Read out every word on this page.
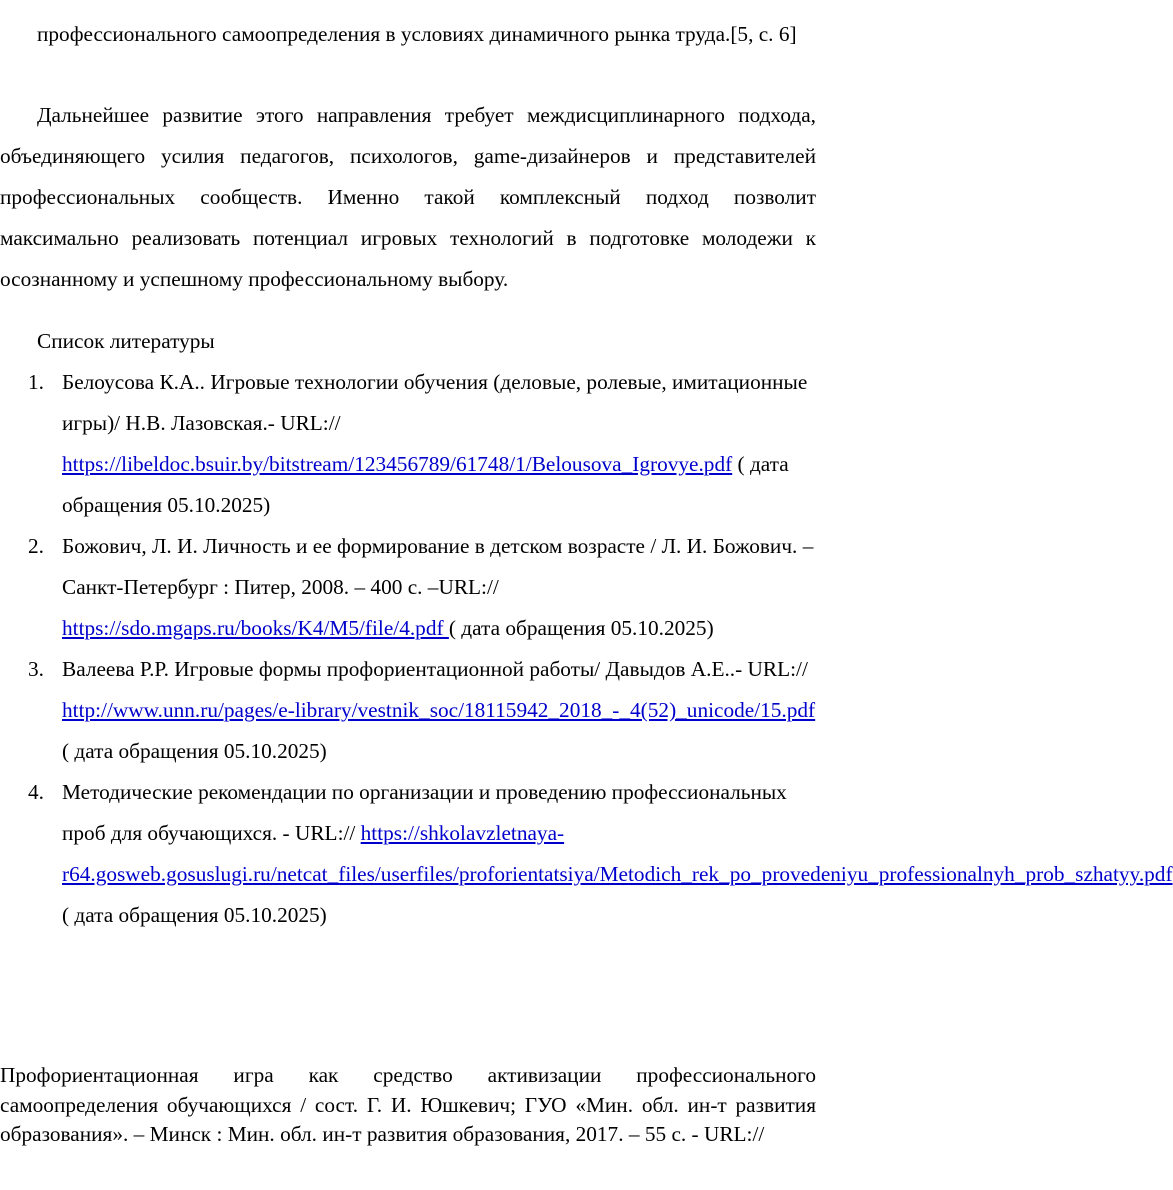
профессионального самоопределения в условиях динамичного рынка труда.[5, с. 6]

Дальнейшее развитие этого направления требует междисциплинарного подхода, объединяющего усилия педагогов, психологов, game-дизайнеров и представителей профессиональных сообществ. Именно такой комплексный подход позволит максимально реализовать потенциал игровых технологий в подготовке молодежи к осознанному и успешному профессиональному выбору.

Список литературы

1. Белоусова К.А.. Игровые технологии обучения (деловые, ролевые, имитационные игры)/ Н.В. Лазовская.- URL:// https://libeldoc.bsuir.by/bitstream/123456789/61748/1/Belousova_Igrovye.pdf ( дата обращения 05.10.2025)
2. Божович, Л. И. Личность и ее формирование в детском возрасте / Л. И. Божович. – Санкт-Петербург : Питер, 2008. – 400 с. –URL:// https://sdo.mgaps.ru/books/K4/M5/file/4.pdf ( дата обращения 05.10.2025)
3. Валеева Р.Р. Игровые формы профориентационной работы/ Давыдов А.Е..- URL:// http://www.unn.ru/pages/e-library/vestnik_soc/18115942_2018_-_4(52)_unicode/15.pdf ( дата обращения 05.10.2025)
4. Методические рекомендации по организации и проведению профессиональных проб для обучающихся. - URL:// https://shkolavzletnaya-r64.gosweb.gosuslugi.ru/netcat_files/userfiles/proforientatsiya/Metodich_rek_po_provedeniyu_professionalnyh_prob_szhatyy.pdf ( дата обращения 05.10.2025)

Профориентационная игра как средство активизации профессионального самоопределения обучающихся / сост. Г. И. Юшкевич; ГУО «Мин. обл. ин-т развития образования». – Минск : Мин. обл. ин-т развития образования, 2017. – 55 с. - URL://
